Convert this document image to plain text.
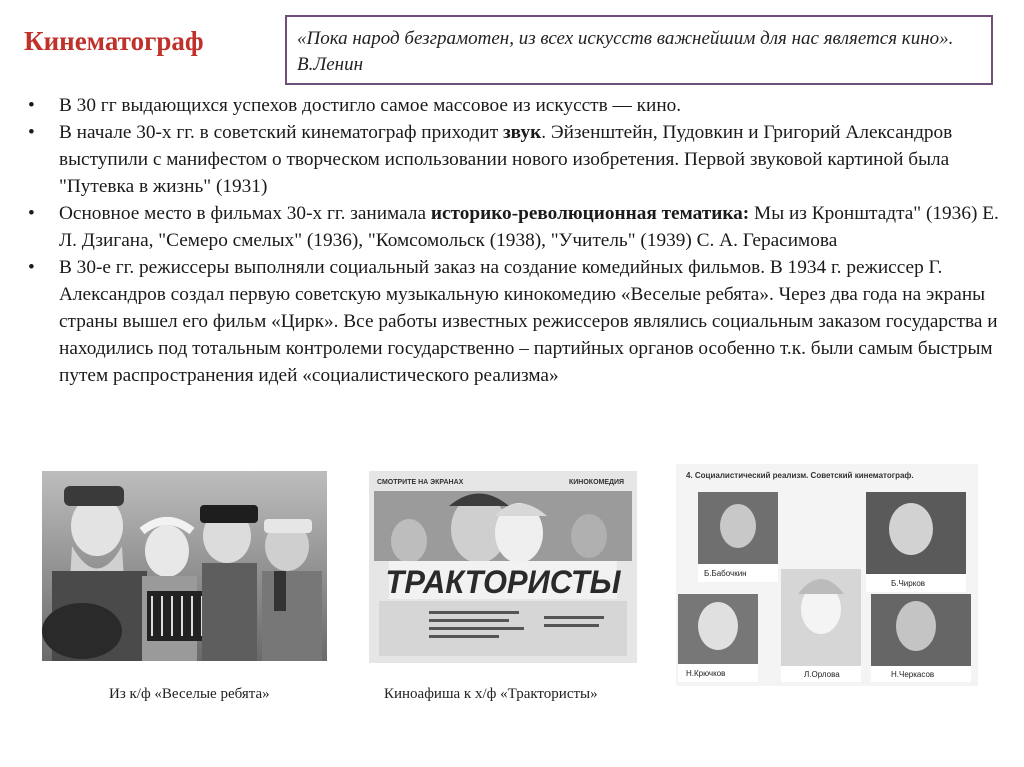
Кинематограф	«Пока народ безграмотен, из всех искусств важнейшим для нас является кино». В.Ленин
• В 30 гг выдающихся успехов достигло самое массовое из искусств — кино.
• В начале 30-х гг. в советский кинематограф приходит звук. Эйзенштейн, Пудовкин и Григорий Александров выступили с манифестом о творческом использовании нового изобретения. Первой звуковой картиной была "Путевка в жизнь" (1931)
• Основное место в фильмах 30-х гг. занимала историко-революционная тематика: Мы из Кронштадта" (1936) Е. Л. Дзигана, "Семеро смелых" (1936), "Комсомольск (1938), "Учитель" (1939) С. А. Герасимова
• В 30-е гг. режиссеры выполняли социальный заказ на создание комедийных фильмов. В 1934 г. режиссер Г. Александров создал первую советскую музыкальную кинокомедию «Веселые ребята». Через два года на экраны страны вышел его фильм «Цирк». Все работы известных режиссеров являлись социальным заказом государства и находились под тотальным контролеми государственно – партийных органов особенно т.к. были самым быстрым путем распространения идей «социалистического реализма»
СМОТРИТЕ НА ЭКРАНАХ	КИНОКОМЕДИЯ
ТРАКТОРИСТЫ
4. Социалистический реализм. Советский кинематограф.
Б.Бабочкин
Б.Чирков
Н.Крючков	Л.Орлова	Н.Черкасов
Из к/ф «Веселые ребята»	Киноафиша к х/ф «Трактористы»
